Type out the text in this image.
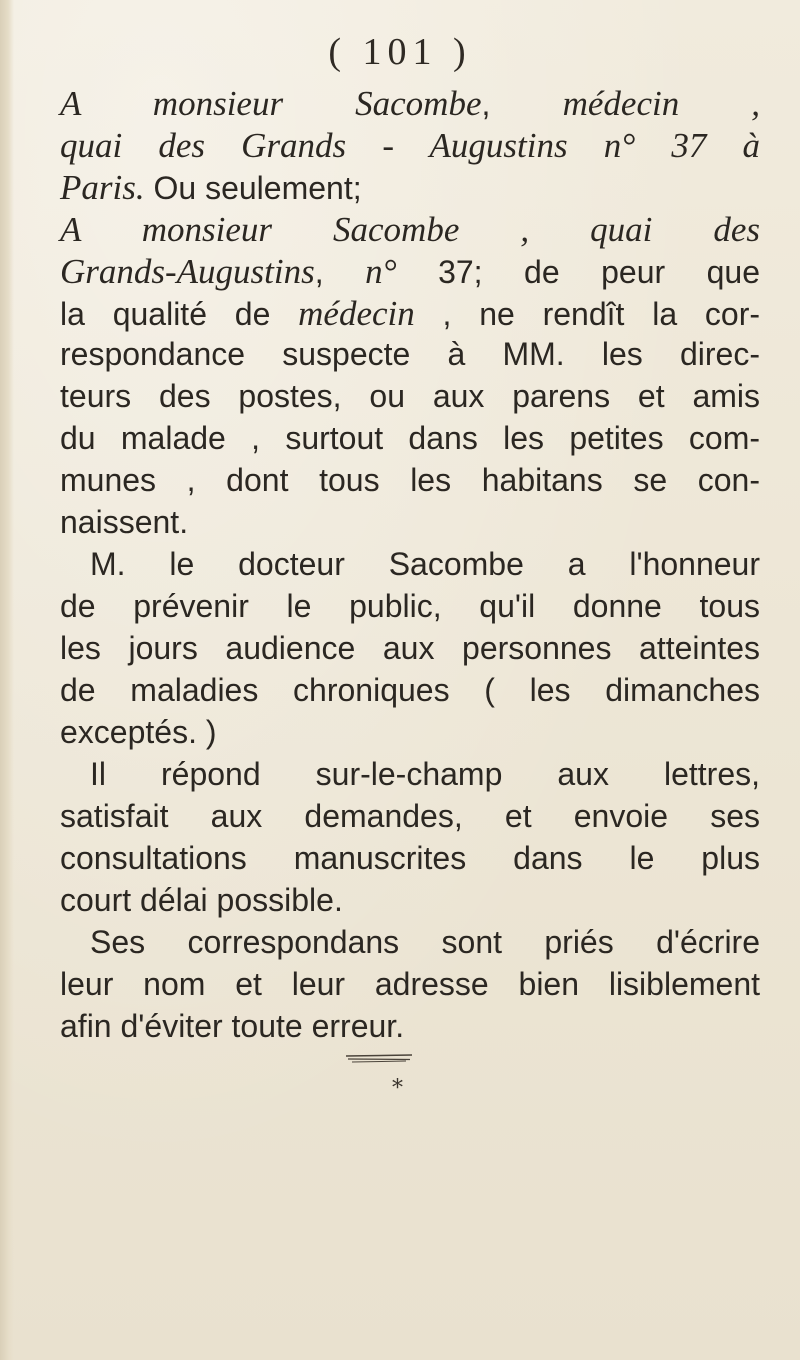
( 101 )
A monsieur Sacombe, médecin ,
quai des Grands - Augustins n° 37 à
Paris. Ou seulement;
A monsieur Sacombe , quai des
Grands-Augustins, n° 37; de peur que
la qualité de médecin , ne rendît la cor-
respondance suspecte à MM. les direc-
teurs des postes, ou aux parens et amis
du malade , surtout dans les petites com-
munes , dont tous les habitans se con-
naissent.
M. le docteur Sacombe a l'honneur
de prévenir le public, qu'il donne tous
les jours audience aux personnes atteintes
de maladies chroniques ( les dimanches
exceptés. )
Il répond sur-le-champ aux lettres,
satisfait aux demandes, et envoie ses
consultations manuscrites dans le plus
court délai possible.
Ses correspondans sont priés d'écrire
leur nom et leur adresse bien lisiblement
afin d'éviter toute erreur.
*
